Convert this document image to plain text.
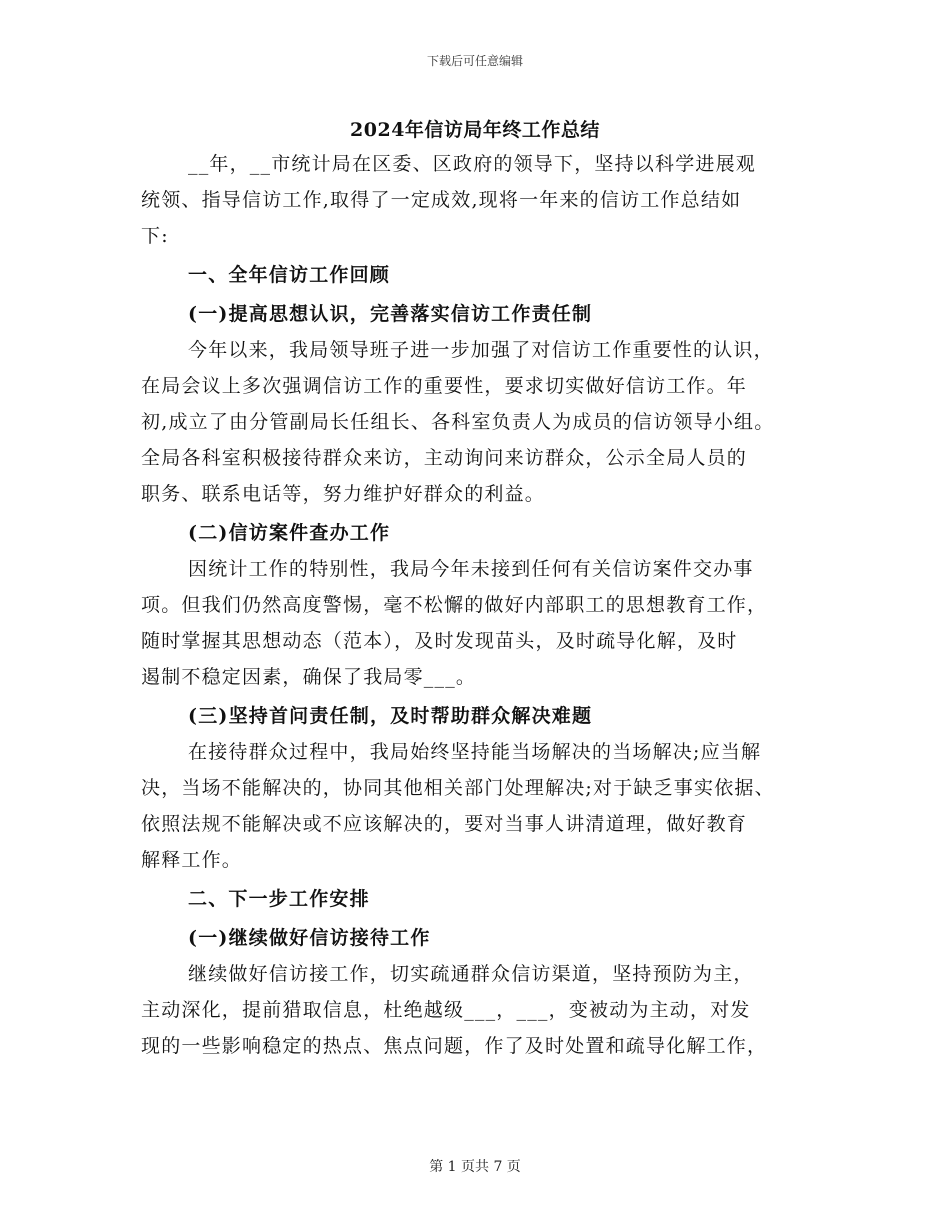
下载后可任意编辑
2024年信访局年终工作总结
__年，__市统计局在区委、区政府的领导下，坚持以科学进展观
统领、指导信访工作,取得了一定成效,现将一年来的信访工作总结如
下:
一、全年信访工作回顾
(一)提高思想认识，完善落实信访工作责任制
今年以来，我局领导班子进一步加强了对信访工作重要性的认识，
在局会议上多次强调信访工作的重要性，要求切实做好信访工作。年
初,成立了由分管副局长任组长、各科室负责人为成员的信访领导小组。
全局各科室积极接待群众来访，主动询问来访群众，公示全局人员的
职务、联系电话等，努力维护好群众的利益。
(二)信访案件查办工作
因统计工作的特别性，我局今年未接到任何有关信访案件交办事
项。但我们仍然高度警惕，毫不松懈的做好内部职工的思想教育工作，
随时掌握其思想动态（范本），及时发现苗头，及时疏导化解，及时
遏制不稳定因素，确保了我局零___。
(三)坚持首问责任制，及时帮助群众解决难题
在接待群众过程中，我局始终坚持能当场解决的当场解决;应当解
决，当场不能解决的，协同其他相关部门处理解决;对于缺乏事实依据、
依照法规不能解决或不应该解决的，要对当事人讲清道理，做好教育
解释工作。
二、下一步工作安排
(一)继续做好信访接待工作
继续做好信访接工作，切实疏通群众信访渠道，坚持预防为主，
主动深化，提前猎取信息，杜绝越级___，___，变被动为主动，对发
现的一些影响稳定的热点、焦点问题，作了及时处置和疏导化解工作，
第 1 页共 7 页
